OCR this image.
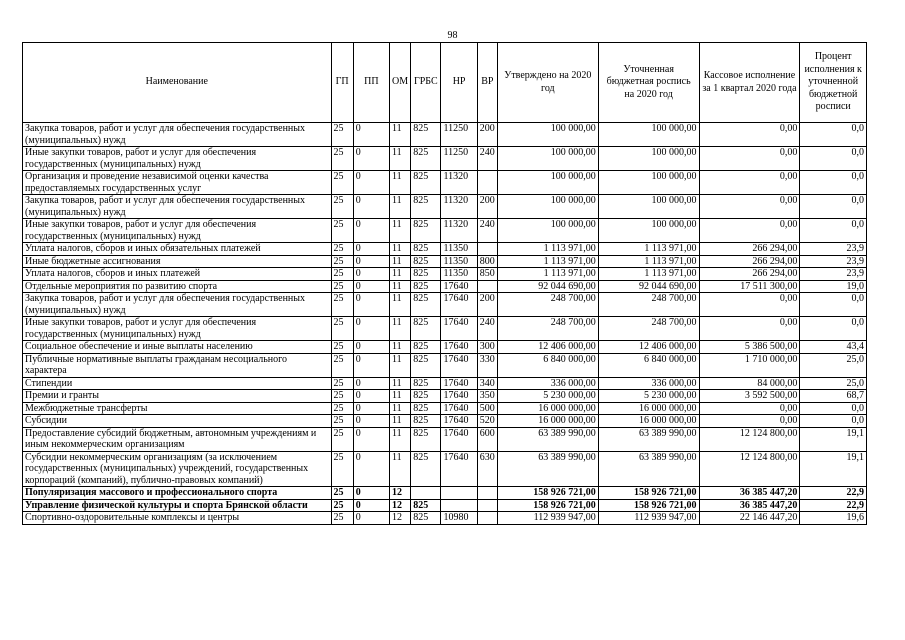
98
Наименование	ГП	ПП	ОМ	ГРБС	НР	ВР	Утверждено на 2020 год	Уточненная бюджетная роспись на 2020 год	Кассовое исполнение за 1 квартал 2020 года	Процент исполнения к уточненной бюджетной росписи
Закупка товаров, работ и услуг для обеспечения государственных (муниципальных) нужд	25	0	11	825	11250	200	100 000,00	100 000,00	0,00	0,0
Иные закупки товаров, работ и услуг для обеспечения государственных (муниципальных) нужд	25	0	11	825	11250	240	100 000,00	100 000,00	0,00	0,0
Организация и проведение независимой оценки качества предоставляемых государственных услуг	25	0	11	825	11320		100 000,00	100 000,00	0,00	0,0
Закупка товаров, работ и услуг для обеспечения государственных (муниципальных) нужд	25	0	11	825	11320	200	100 000,00	100 000,00	0,00	0,0
Иные закупки товаров, работ и услуг для обеспечения государственных (муниципальных) нужд	25	0	11	825	11320	240	100 000,00	100 000,00	0,00	0,0
Уплата налогов, сборов и иных обязательных платежей	25	0	11	825	11350		1 113 971,00	1 113 971,00	266 294,00	23,9
Иные бюджетные ассигнования	25	0	11	825	11350	800	1 113 971,00	1 113 971,00	266 294,00	23,9
Уплата налогов, сборов и иных платежей	25	0	11	825	11350	850	1 113 971,00	1 113 971,00	266 294,00	23,9
Отдельные мероприятия по развитию спорта	25	0	11	825	17640		92 044 690,00	92 044 690,00	17 511 300,00	19,0
Закупка товаров, работ и услуг для обеспечения государственных (муниципальных) нужд	25	0	11	825	17640	200	248 700,00	248 700,00	0,00	0,0
Иные закупки товаров, работ и услуг для обеспечения государственных (муниципальных) нужд	25	0	11	825	17640	240	248 700,00	248 700,00	0,00	0,0
Социальное обеспечение и иные выплаты населению	25	0	11	825	17640	300	12 406 000,00	12 406 000,00	5 386 500,00	43,4
Публичные нормативные выплаты гражданам несоциального характера	25	0	11	825	17640	330	6 840 000,00	6 840 000,00	1 710 000,00	25,0
Стипендии	25	0	11	825	17640	340	336 000,00	336 000,00	84 000,00	25,0
Премии и гранты	25	0	11	825	17640	350	5 230 000,00	5 230 000,00	3 592 500,00	68,7
Межбюджетные трансферты	25	0	11	825	17640	500	16 000 000,00	16 000 000,00	0,00	0,0
Субсидии	25	0	11	825	17640	520	16 000 000,00	16 000 000,00	0,00	0,0
Предоставление субсидий бюджетным, автономным учреждениям и иным некоммерческим организациям	25	0	11	825	17640	600	63 389 990,00	63 389 990,00	12 124 800,00	19,1
Субсидии некоммерческим организациям (за исключением государственных (муниципальных) учреждений, государственных корпораций (компаний), публично-правовых компаний)	25	0	11	825	17640	630	63 389 990,00	63 389 990,00	12 124 800,00	19,1
Популяризация массового и профессионального спорта	25	0	12				158 926 721,00	158 926 721,00	36 385 447,20	22,9
Управление физической культуры и спорта Брянской области	25	0	12	825			158 926 721,00	158 926 721,00	36 385 447,20	22,9
Спортивно-оздоровительные комплексы и центры	25	0	12	825	10980		112 939 947,00	112 939 947,00	22 146 447,20	19,6
